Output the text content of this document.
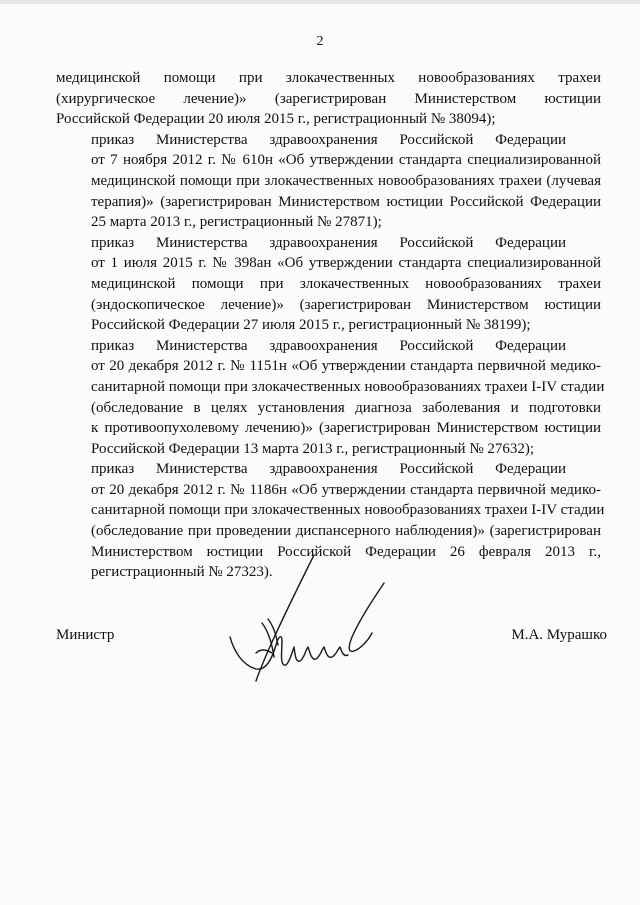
2

медицинской помощи при злокачественных новообразованиях трахеи
(хирургическое лечение)» (зарегистрирован Министерством юстиции
Российской Федерации 20 июля 2015 г., регистрационный № 38094);

приказ Министерства здравоохранения Российской Федерации
от 7 ноября 2012 г. № 610н «Об утверждении стандарта специализированной
медицинской помощи при злокачественных новообразованиях трахеи (лучевая
терапия)» (зарегистрирован Министерством юстиции Российской Федерации
25 марта 2013 г., регистрационный № 27871);

приказ Министерства здравоохранения Российской Федерации
от 1 июля 2015 г. № 398ан «Об утверждении стандарта специализированной
медицинской помощи при злокачественных новообразованиях трахеи
(эндоскопическое лечение)» (зарегистрирован Министерством юстиции
Российской Федерации 27 июля 2015 г., регистрационный № 38199);

приказ Министерства здравоохранения Российской Федерации
от 20 декабря 2012 г. № 1151н «Об утверждении стандарта первичной медико-
санитарной помощи при злокачественных новообразованиях трахеи I-IV стадии
(обследование в целях установления диагноза заболевания и подготовки
к противоопухолевому лечению)» (зарегистрирован Министерством юстиции
Российской Федерации 13 марта 2013 г., регистрационный № 27632);

приказ Министерства здравоохранения Российской Федерации
от 20 декабря 2012 г. № 1186н «Об утверждении стандарта первичной медико-
санитарной помощи при злокачественных новообразованиях трахеи I-IV стадии
(обследование при проведении диспансерного наблюдения)» (зарегистрирован
Министерством юстиции Российской Федерации 26 февраля 2013 г.,
регистрационный № 27323).

Министр	М.А. Мурашко
